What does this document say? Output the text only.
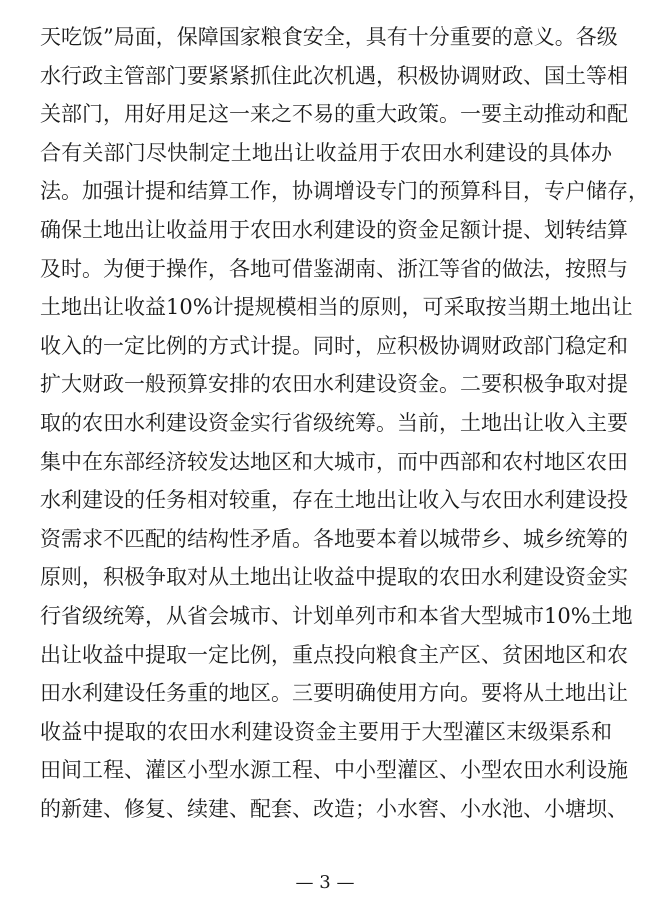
天吃饭”局面，保障国家粮食安全，具有十分重要的意义。各级
水行政主管部门要紧紧抓住此次机遇，积极协调财政、国土等相
关部门，用好用足这一来之不易的重大政策。一要主动推动和配
合有关部门尽快制定土地出让收益用于农田水利建设的具体办
法。加强计提和结算工作，协调增设专门的预算科目，专户储存，
确保土地出让收益用于农田水利建设的资金足额计提、划转结算
及时。为便于操作，各地可借鉴湖南、浙江等省的做法，按照与
土地出让收益10%计提规模相当的原则，可采取按当期土地出让
收入的一定比例的方式计提。同时，应积极协调财政部门稳定和
扩大财政一般预算安排的农田水利建设资金。二要积极争取对提
取的农田水利建设资金实行省级统筹。当前，土地出让收入主要
集中在东部经济较发达地区和大城市，而中西部和农村地区农田
水利建设的任务相对较重，存在土地出让收入与农田水利建设投
资需求不匹配的结构性矛盾。各地要本着以城带乡、城乡统筹的
原则，积极争取对从土地出让收益中提取的农田水利建设资金实
行省级统筹，从省会城市、计划单列市和本省大型城市10%土地
出让收益中提取一定比例，重点投向粮食主产区、贫困地区和农
田水利建设任务重的地区。三要明确使用方向。要将从土地出让
收益中提取的农田水利建设资金主要用于大型灌区末级渠系和
田间工程、灌区小型水源工程、中小型灌区、小型农田水利设施
的新建、修复、续建、配套、改造；小水窖、小水池、小塘坝、
— 3 —
